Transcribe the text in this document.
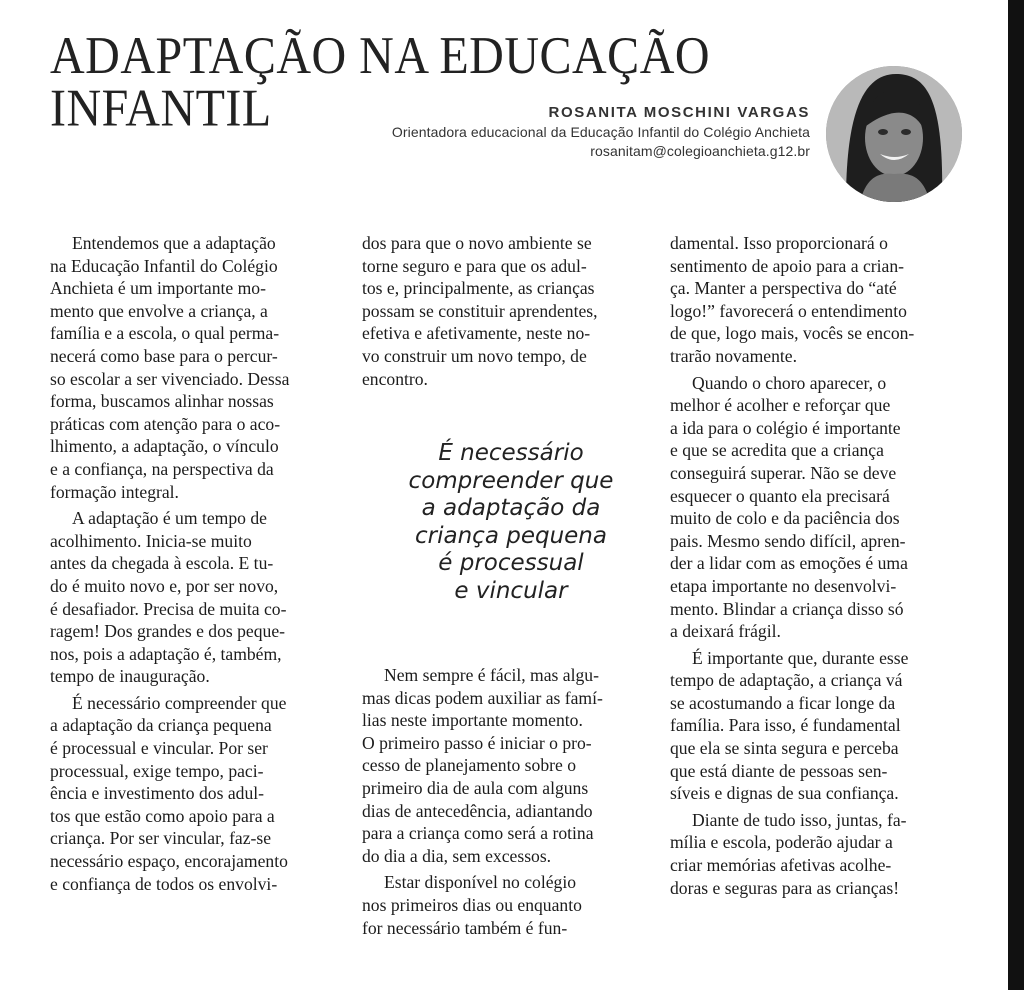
ADAPTAÇÃO NA EDUCAÇÃO
INFANTIL	ROSANITA MOSCHINI VARGAS
Orientadora educacional da Educação Infantil do Colégio Anchieta
rosanitam@colegioanchieta.g12.br
Entendemos que a adaptação
na Educação Infantil do Colégio
Anchieta é um importante mo-
mento que envolve a criança, a
família e a escola, o qual perma-
necerá como base para o percur-
so escolar a ser vivenciado. Dessa
forma, buscamos alinhar nossas
práticas com atenção para o aco-
lhimento, a adaptação, o vínculo
e a confiança, na perspectiva da
formação integral.
A adaptação é um tempo de
acolhimento. Inicia-se muito
antes da chegada à escola. E tu-
do é muito novo e, por ser novo,
é desafiador. Precisa de muita co-
ragem! Dos grandes e dos peque-
nos, pois a adaptação é, também,
tempo de inauguração.
É necessário compreender que
a adaptação da criança pequena
é processual e vincular. Por ser
processual, exige tempo, paci-
ência e investimento dos adul-
tos que estão como apoio para a
criança. Por ser vincular, faz-se
necessário espaço, encorajamento
e confiança de todos os envolvi-
dos para que o novo ambiente se
torne seguro e para que os adul-
tos e, principalmente, as crianças
possam se constituir aprendentes,
efetiva e afetivamente, neste no-
vo construir um novo tempo, de
encontro.
É necessário
compreender que
a adaptação da
criança pequena
é processual
e vincular
Nem sempre é fácil, mas algu-
mas dicas podem auxiliar as famí-
lias neste importante momento.
O primeiro passo é iniciar o pro-
cesso de planejamento sobre o
primeiro dia de aula com alguns
dias de antecedência, adiantando
para a criança como será a rotina
do dia a dia, sem excessos.
Estar disponível no colégio
nos primeiros dias ou enquanto
for necessário também é fun-
damental. Isso proporcionará o
sentimento de apoio para a crian-
ça. Manter a perspectiva do “até
logo!” favorecerá o entendimento
de que, logo mais, vocês se encon-
trarão novamente.
Quando o choro aparecer, o
melhor é acolher e reforçar que
a ida para o colégio é importante
e que se acredita que a criança
conseguirá superar. Não se deve
esquecer o quanto ela precisará
muito de colo e da paciência dos
pais. Mesmo sendo difícil, apren-
der a lidar com as emoções é uma
etapa importante no desenvolvi-
mento. Blindar a criança disso só
a deixará frágil.
É importante que, durante esse
tempo de adaptação, a criança vá
se acostumando a ficar longe da
família. Para isso, é fundamental
que ela se sinta segura e perceba
que está diante de pessoas sen-
síveis e dignas de sua confiança.
Diante de tudo isso, juntas, fa-
mília e escola, poderão ajudar a
criar memórias afetivas acolhe-
doras e seguras para as crianças!
